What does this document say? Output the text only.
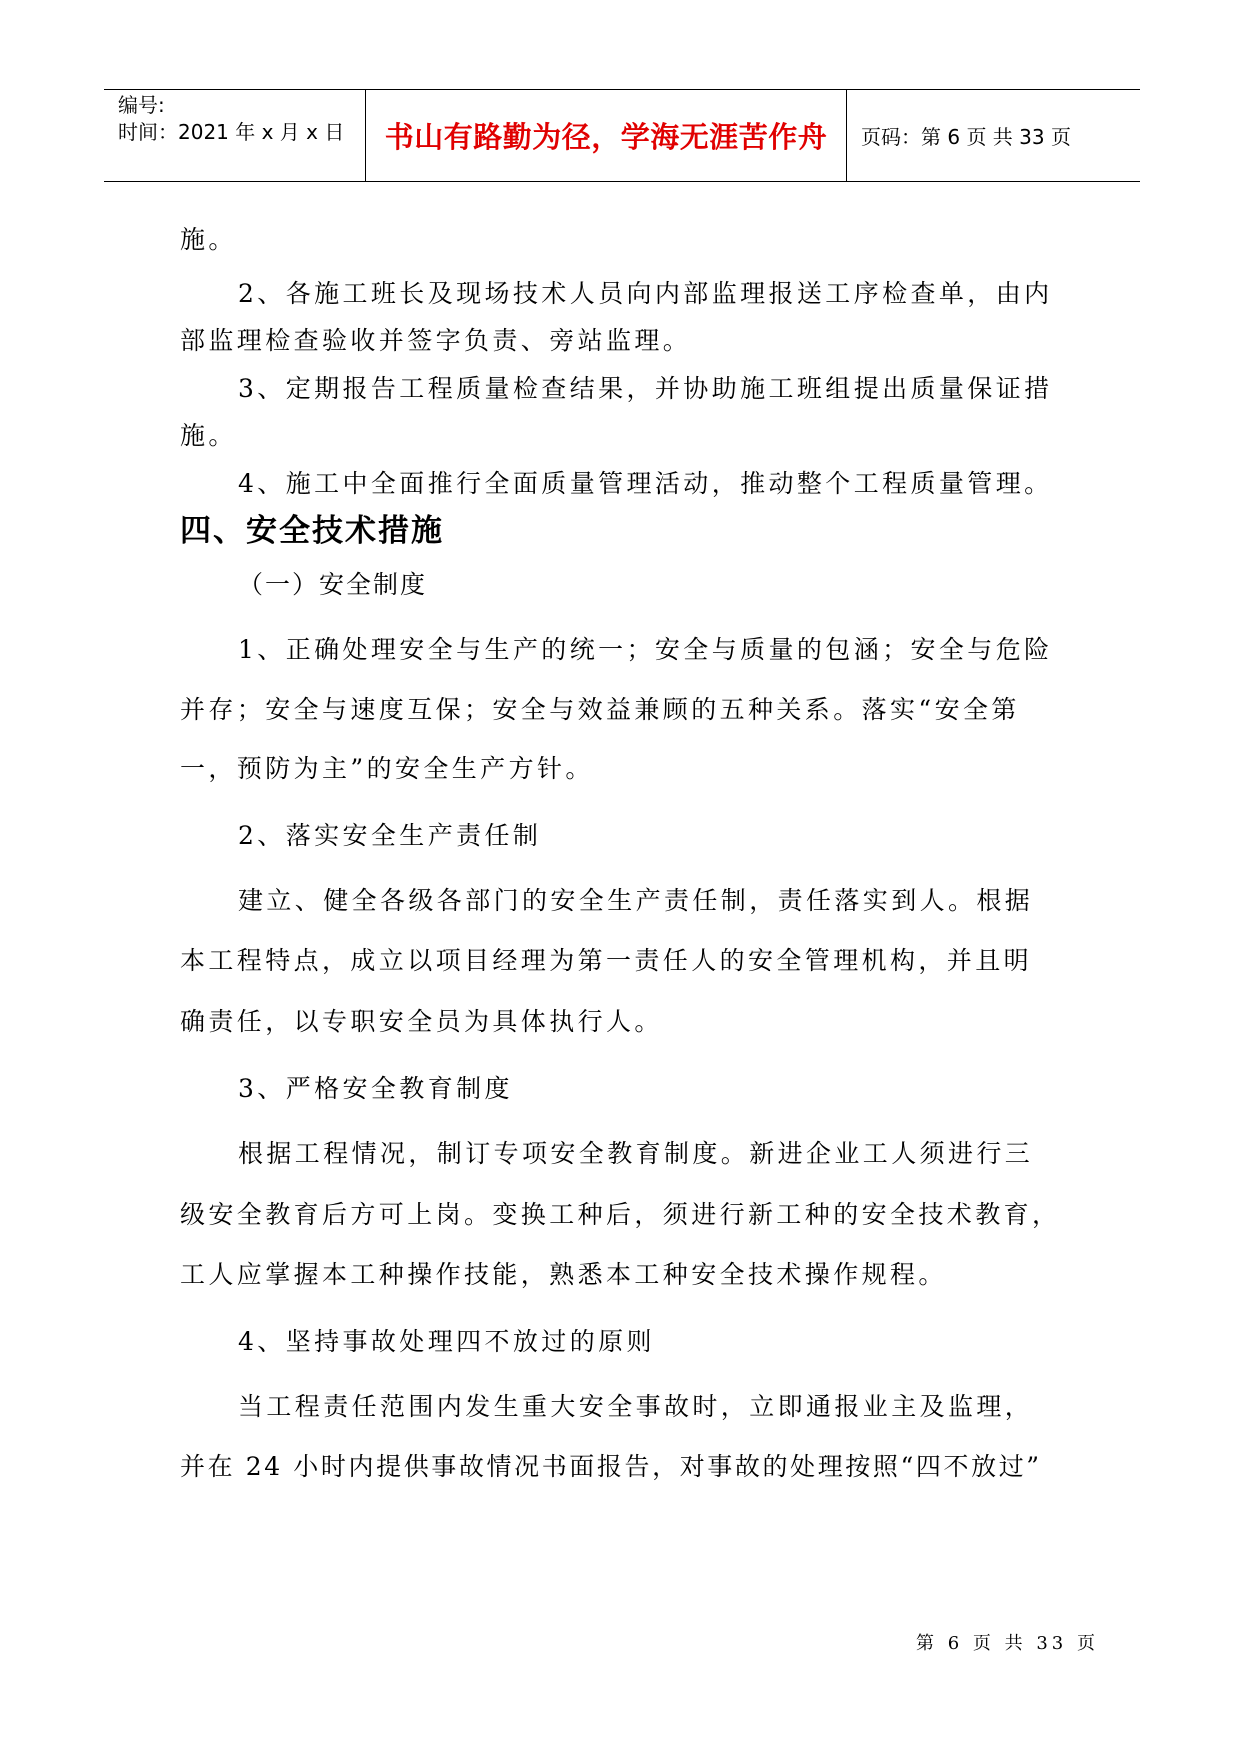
编号:
时间：2021 年 x 月 x 日	书山有路勤为径，学海无涯苦作舟 页码：第 6 页 共 33 页

施。

2、各施工班长及现场技术人员向内部监理报送工序检查单，由内

部监理检查验收并签字负责、旁站监理。

3、定期报告工程质量检查结果，并协助施工班组提出质量保证措

施。

4、施工中全面推行全面质量管理活动，推动整个工程质量管理。

四、安全技术措施

（一）安全制度

1、正确处理安全与生产的统一；安全与质量的包涵；安全与危险

并存；安全与速度互保；安全与效益兼顾的五种关系。落实“安全第

一，预防为主”的安全生产方针。

2、落实安全生产责任制

建立、健全各级各部门的安全生产责任制，责任落实到人。根据

本工程特点，成立以项目经理为第一责任人的安全管理机构，并且明

确责任，以专职安全员为具体执行人。

3、严格安全教育制度

根据工程情况，制订专项安全教育制度。新进企业工人须进行三

级安全教育后方可上岗。变换工种后，须进行新工种的安全技术教育，

工人应掌握本工种操作技能，熟悉本工种安全技术操作规程。

4、坚持事故处理四不放过的原则

当工程责任范围内发生重大安全事故时，立即通报业主及监理，

并在 24 小时内提供事故情况书面报告，对事故的处理按照“四不放过”

第 6 页 共 33 页
